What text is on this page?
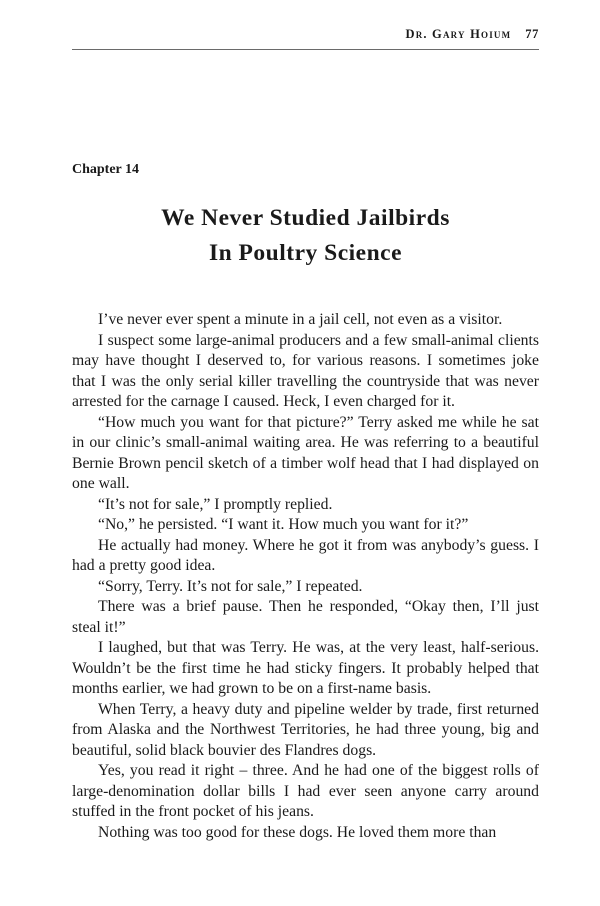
Dr. Gary Hoium 77
Chapter 14
We Never Studied Jailbirds
In Poultry Science

I’ve never ever spent a minute in a jail cell, not even as a visitor.

I suspect some large-animal producers and a few small-animal clients may have thought I deserved to, for various reasons. I sometimes joke that I was the only serial killer travelling the countryside that was never arrested for the carnage I caused. Heck, I even charged for it.

“How much you want for that picture?” Terry asked me while he sat in our clinic’s small-animal waiting area. He was referring to a beautiful Bernie Brown pencil sketch of a timber wolf head that I had displayed on one wall.

“It’s not for sale,” I promptly replied.

“No,” he persisted. “I want it. How much you want for it?”

He actually had money. Where he got it from was anybody’s guess. I had a pretty good idea.

“Sorry, Terry. It’s not for sale,” I repeated.

There was a brief pause. Then he responded, “Okay then, I’ll just steal it!”

I laughed, but that was Terry. He was, at the very least, half-serious. Wouldn’t be the first time he had sticky fingers. It probably helped that months earlier, we had grown to be on a first-name basis.

When Terry, a heavy duty and pipeline welder by trade, first returned from Alaska and the Northwest Territories, he had three young, big and beautiful, solid black bouvier des Flandres dogs.

Yes, you read it right – three. And he had one of the biggest rolls of large-denomination dollar bills I had ever seen anyone carry around stuffed in the front pocket of his jeans.

Nothing was too good for these dogs. He loved them more than
